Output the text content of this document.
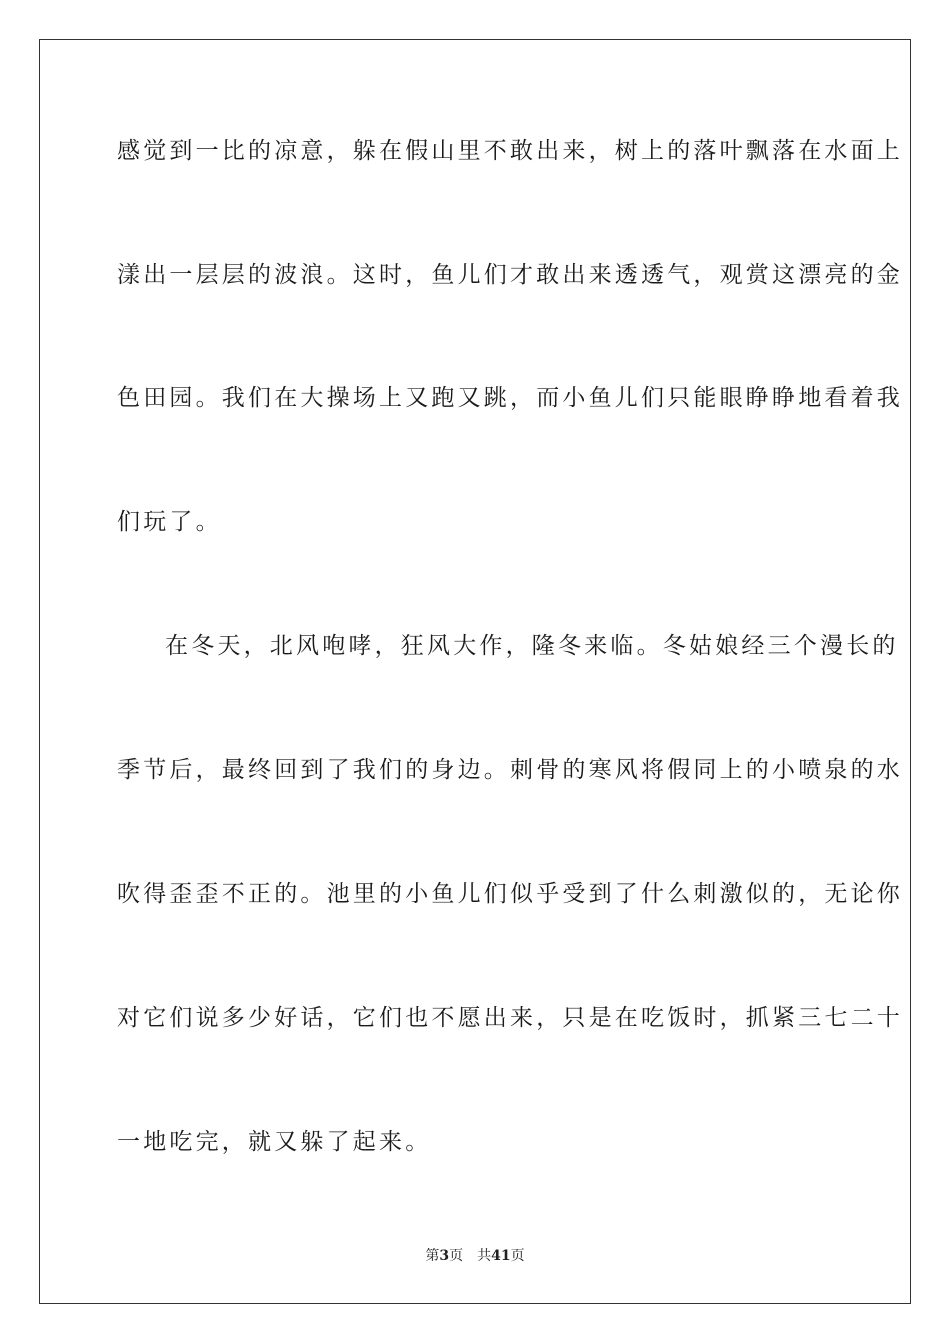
感觉到一比的凉意，躲在假山里不敢出来，树上的落叶飘落在水面上
漾出一层层的波浪。这时，鱼儿们才敢出来透透气，观赏这漂亮的金
色田园。我们在大操场上又跑又跳，而小鱼儿们只能眼睁睁地看着我
们玩了。
在冬天，北风咆哮，狂风大作，隆冬来临。冬姑娘经三个漫长的
季节后，最终回到了我们的身边。刺骨的寒风将假同上的小喷泉的水
吹得歪歪不正的。池里的小鱼儿们似乎受到了什么刺激似的，无论你
对它们说多少好话，它们也不愿出来，只是在吃饭时，抓紧三七二十
一地吃完，就又躲了起来。
第3页 共41页
